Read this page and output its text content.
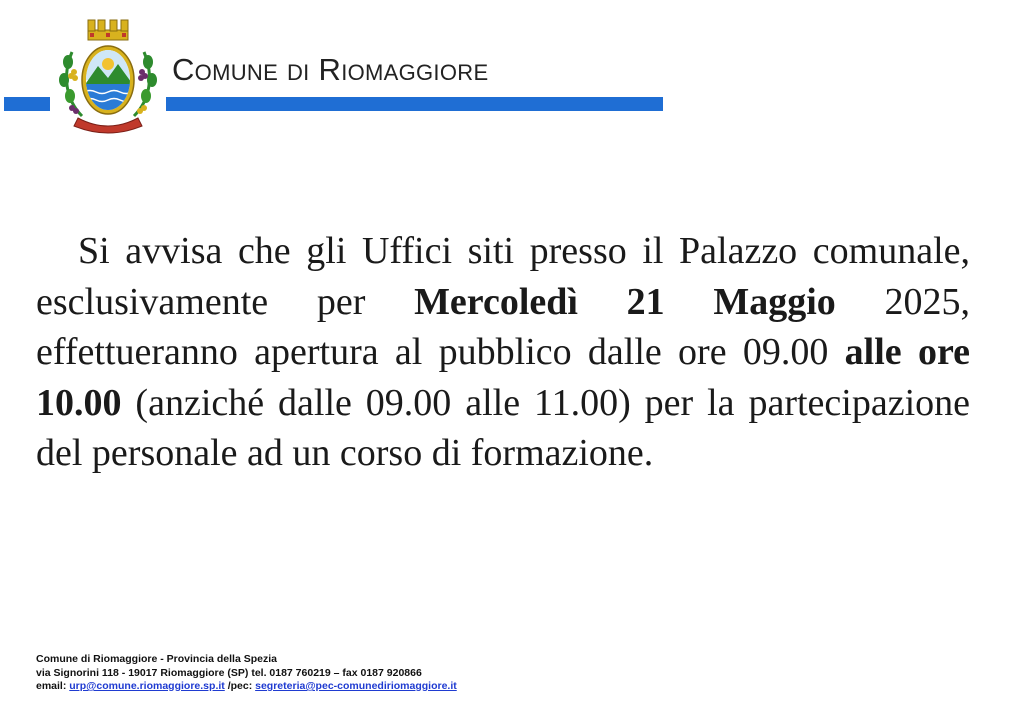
Comune di Riomaggiore

Si avvisa che gli Uffici siti presso il Palazzo comunale, esclusivamente per Mercoledì 21 Maggio 2025, effettueranno apertura al pubblico dalle ore 09.00 alle ore 10.00 (anziché dalle 09.00 alle 11.00) per la partecipazione del personale ad un corso di formazione.

Comune di Riomaggiore - Provincia della Spezia
via Signorini 118 - 19017 Riomaggiore (SP) tel. 0187 760219 – fax 0187 920866
email: urp@comune.riomaggiore.sp.it /pec: segreteria@pec-comunediriomaggiore.it
